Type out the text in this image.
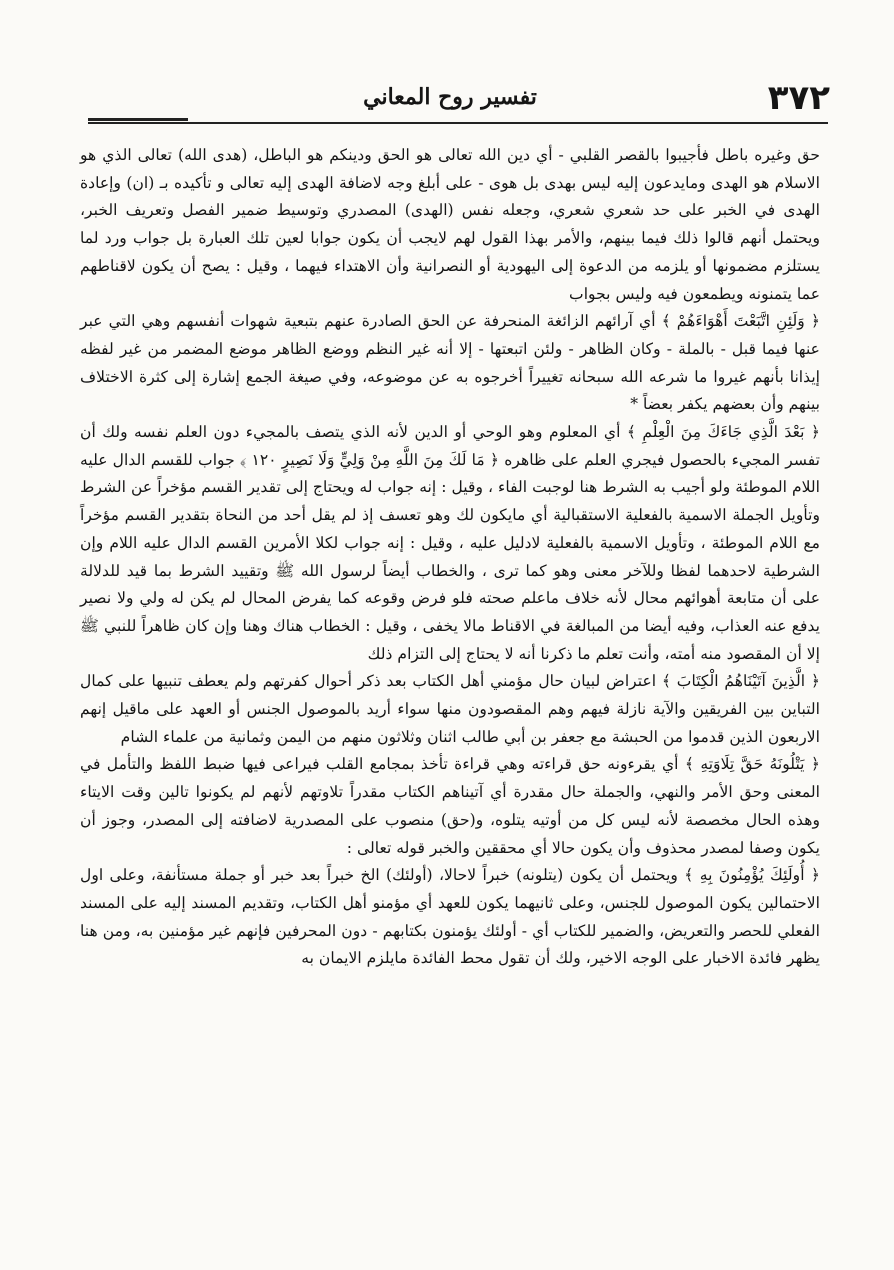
٣٧٢
تفسير روح المعاني

حق وغيره باطل فأجيبوا بالقصر القلبي - أي دين الله تعالى هو الحق ودينكم هو الباطل، (هدى الله) تعالى الذي هو الاسلام هو الهدى ومايدعون إليه ليس بهدى بل هوى - على أبلغ وجه لاضافة الهدى إليه تعالى و تأكيده بـ (ان) وإعادة الهدى في الخبر على حد شعري شعري، وجعله نفس (الهدى) المصدري وتوسيط ضمير الفصل وتعريف الخبر، ويحتمل أنهم قالوا ذلك فيما بينهم، والأمر بهذا القول لهم لايجب أن يكون جوابا لعين تلك العبارة بل جواب ورد لما يستلزم مضمونها أو يلزمه من الدعوة إلى اليهودية أو النصرانية وأن الاهتداء فيهما ، وقيل : يصح أن يكون لاقناطهم عما يتمنونه ويطمعون فيه وليس بجواب

﴿ وَلَئِنِ اتَّبَعْتَ أَهْوَاءَهُمْ ﴾ أي آرائهم الزائغة المنحرفة عن الحق الصادرة عنهم بتبعية شهوات أنفسهم وهي التي عبر عنها فيما قبل - بالملة - وكان الظاهر - ولئن اتبعتها - إلا أنه غير النظم ووضع الظاهر موضع المضمر من غير لفظه إيذانا بأنهم غيروا ما شرعه الله سبحانه تغييراً أخرجوه به عن موضوعه، وفي صيغة الجمع إشارة إلى كثرة الاختلاف بينهم وأن بعضهم يكفر بعضاً *

﴿ بَعْدَ الَّذِي جَاءَكَ مِنَ الْعِلْمِ ﴾ أي المعلوم وهو الوحي أو الدين لأنه الذي يتصف بالمجيء دون العلم نفسه ولك أن تفسر المجيء بالحصول فيجري العلم على ظاهره ﴿ مَا لَكَ مِنَ اللَّهِ مِنْ وَلِيٍّ وَلَا نَصِيرٍ ١٢٠ ﴾ جواب للقسم الدال عليه اللام الموطئة ولو أجيب به الشرط هنا لوجبت الفاء ، وقيل : إنه جواب له ويحتاج إلى تقدير القسم مؤخراً عن الشرط وتأويل الجملة الاسمية بالفعلية الاستقبالية أي مايكون لك وهو تعسف إذ لم يقل أحد من النحاة بتقدير القسم مؤخراً مع اللام الموطئة ، وتأويل الاسمية بالفعلية لادليل عليه ، وقيل : إنه جواب لكلا الأمرين القسم الدال عليه اللام وإن الشرطية لاحدهما لفظا وللآخر معنى وهو كما ترى ، والخطاب أيضاً لرسول الله ﷺ وتقييد الشرط بما قيد للدلالة على أن متابعة أهوائهم محال لأنه خلاف ماعلم صحته فلو فرض وقوعه كما يفرض المحال لم يكن له ولي ولا نصير يدفع عنه العذاب، وفيه أيضا من المبالغة في الاقناط مالا يخفى ، وقيل : الخطاب هناك وهنا وإن كان ظاهراً للنبي ﷺ إلا أن المقصود منه أمته، وأنت تعلم ما ذكرنا أنه لا يحتاج إلى التزام ذلك

﴿ الَّذِينَ آتَيْنَاهُمُ الْكِتَابَ ﴾ اعتراض لبيان حال مؤمني أهل الكتاب بعد ذكر أحوال كفرتهم ولم يعطف تنبيها على كمال التباين بين الفريقين والآية نازلة فيهم وهم المقصودون منها سواء أريد بالموصول الجنس أو العهد على ماقيل إنهم الاربعون الذين قدموا من الحبشة مع جعفر بن أبي طالب اثنان وثلاثون منهم من اليمن وثمانية من علماء الشام

﴿ يَتْلُونَهُ حَقَّ تِلَاوَتِهِ ﴾ أي يقرءونه حق قراءته وهي قراءة تأخذ بمجامع القلب فيراعى فيها ضبط اللفظ والتأمل في المعنى وحق الأمر والنهي، والجملة حال مقدرة أي آتيناهم الكتاب مقدراً تلاوتهم لأنهم لم يكونوا تالين وقت الايتاء وهذه الحال مخصصة لأنه ليس كل من أوتيه يتلوه، و(حق) منصوب على المصدرية لاضافته إلى المصدر، وجوز أن يكون وصفا لمصدر محذوف وأن يكون حالا أي محققين والخبر قوله تعالى :

﴿ أُولَئِكَ يُؤْمِنُونَ بِهِ ﴾ ويحتمل أن يكون (يتلونه) خبراً لاحالا، (أولئك) الخ خبراً بعد خبر أو جملة مستأنفة، وعلى اول الاحتمالين يكون الموصول للجنس، وعلى ثانيهما يكون للعهد أي مؤمنو أهل الكتاب، وتقديم المسند إليه على المسند الفعلي للحصر والتعريض، والضمير للكتاب أي - أولئك يؤمنون بكتابهم - دون المحرفين فإنهم غير مؤمنين به، ومن هنا يظهر فائدة الاخبار على الوجه الاخير، ولك أن تقول محط الفائدة مايلزم الايمان به
